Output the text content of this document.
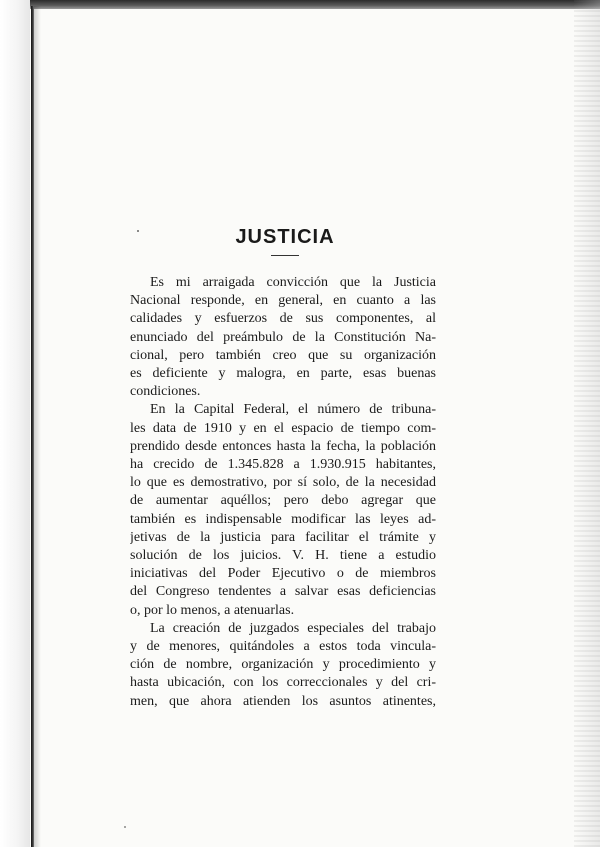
JUSTICIA

Es mi arraigada convicción que la Justicia
Nacional responde, en general, en cuanto a las
calidades y esfuerzos de sus componentes, al
enunciado del preámbulo de la Constitución Na-
cional, pero también creo que su organización
es deficiente y malogra, en parte, esas buenas
condiciones.

En la Capital Federal, el número de tribuna-
les data de 1910 y en el espacio de tiempo com-
prendido desde entonces hasta la fecha, la población
ha crecido de 1.345.828 a 1.930.915 habitantes,
lo que es demostrativo, por sí solo, de la necesidad
de aumentar aquéllos; pero debo agregar que
también es indispensable modificar las leyes ad-
jetivas de la justicia para facilitar el trámite y
solución de los juicios. V. H. tiene a estudio
iniciativas del Poder Ejecutivo o de miembros
del Congreso tendentes a salvar esas deficiencias
o, por lo menos, a atenuarlas.

La creación de juzgados especiales del trabajo
y de menores, quitándoles a estos toda vincula-
ción de nombre, organización y procedimiento y
hasta ubicación, con los correccionales y del cri-
men, que ahora atienden los asuntos atinentes,
